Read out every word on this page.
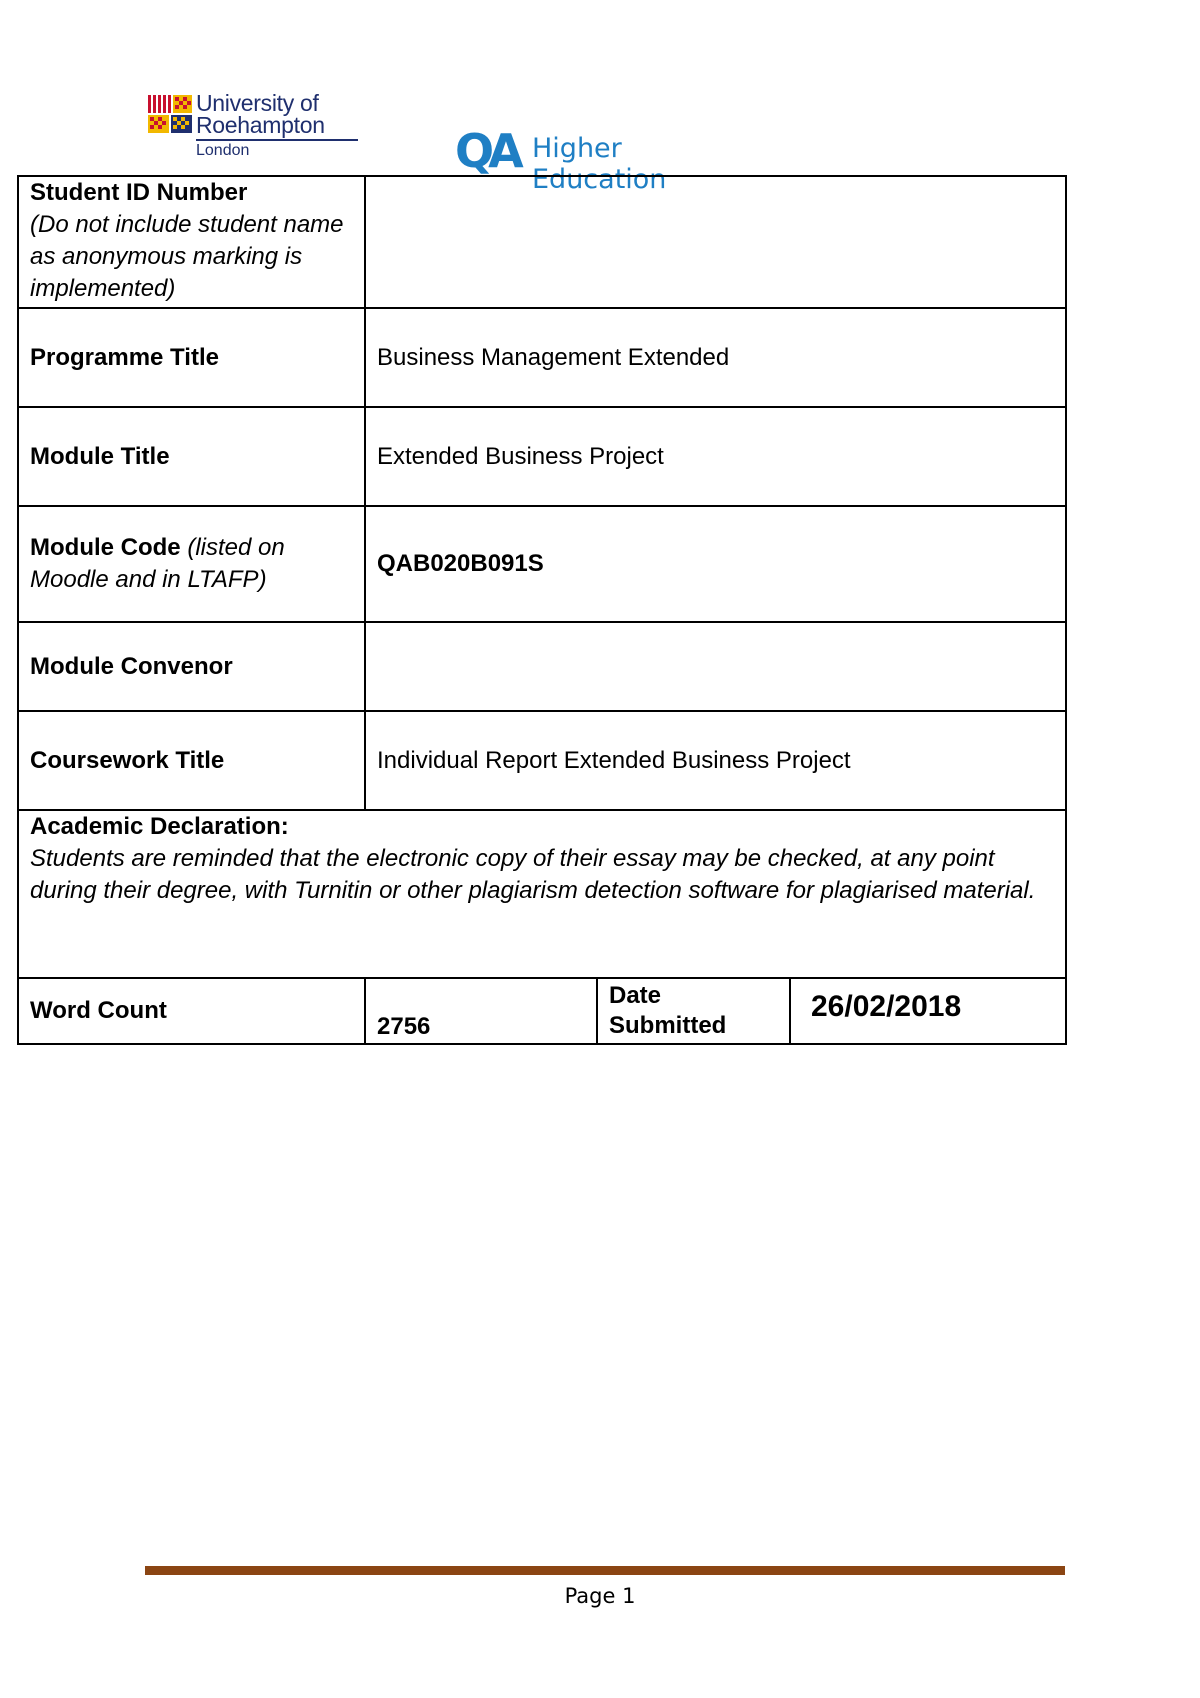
University of
Roehampton
London	QA Higher Education
Student ID Number
(Do not include student name as anonymous marking is implemented)			

Programme Title	Business Management Extended		
Module Title	Extended Business Project		
Module Code (listed on Moodle and in LTAFP)	QAB020B091S		
Module Convenor			
Coursework Title	Individual Report Extended Business Project		

Academic Declaration:
Students are reminded that the electronic copy of their essay may be checked, at any point during their degree, with Turnitin or other plagiarism detection software for plagiarised material.			

Word Count	2756	Date Submitted	26/02/2018
Page 1
